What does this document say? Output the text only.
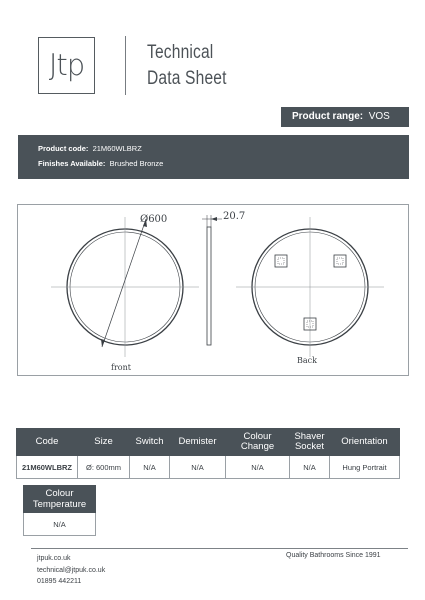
Jtp	Technical
Data Sheet
Product range: VOS
Product code: 21M60WLBRZ
Finishes Available: Brushed Bronze
Ø600
front
20.7
Back
Code	Size	Switch	Demister	Colour Change	Shaver Socket	Orientation
21M60WLBRZ	Ø: 600mm	N/A	N/A	N/A	N/A	Hung Portrait
Colour Temperature
N/A
jtpuk.co.uk
technical@jtpuk.co.uk
01895 442211
Quality Bathrooms Since 1991
